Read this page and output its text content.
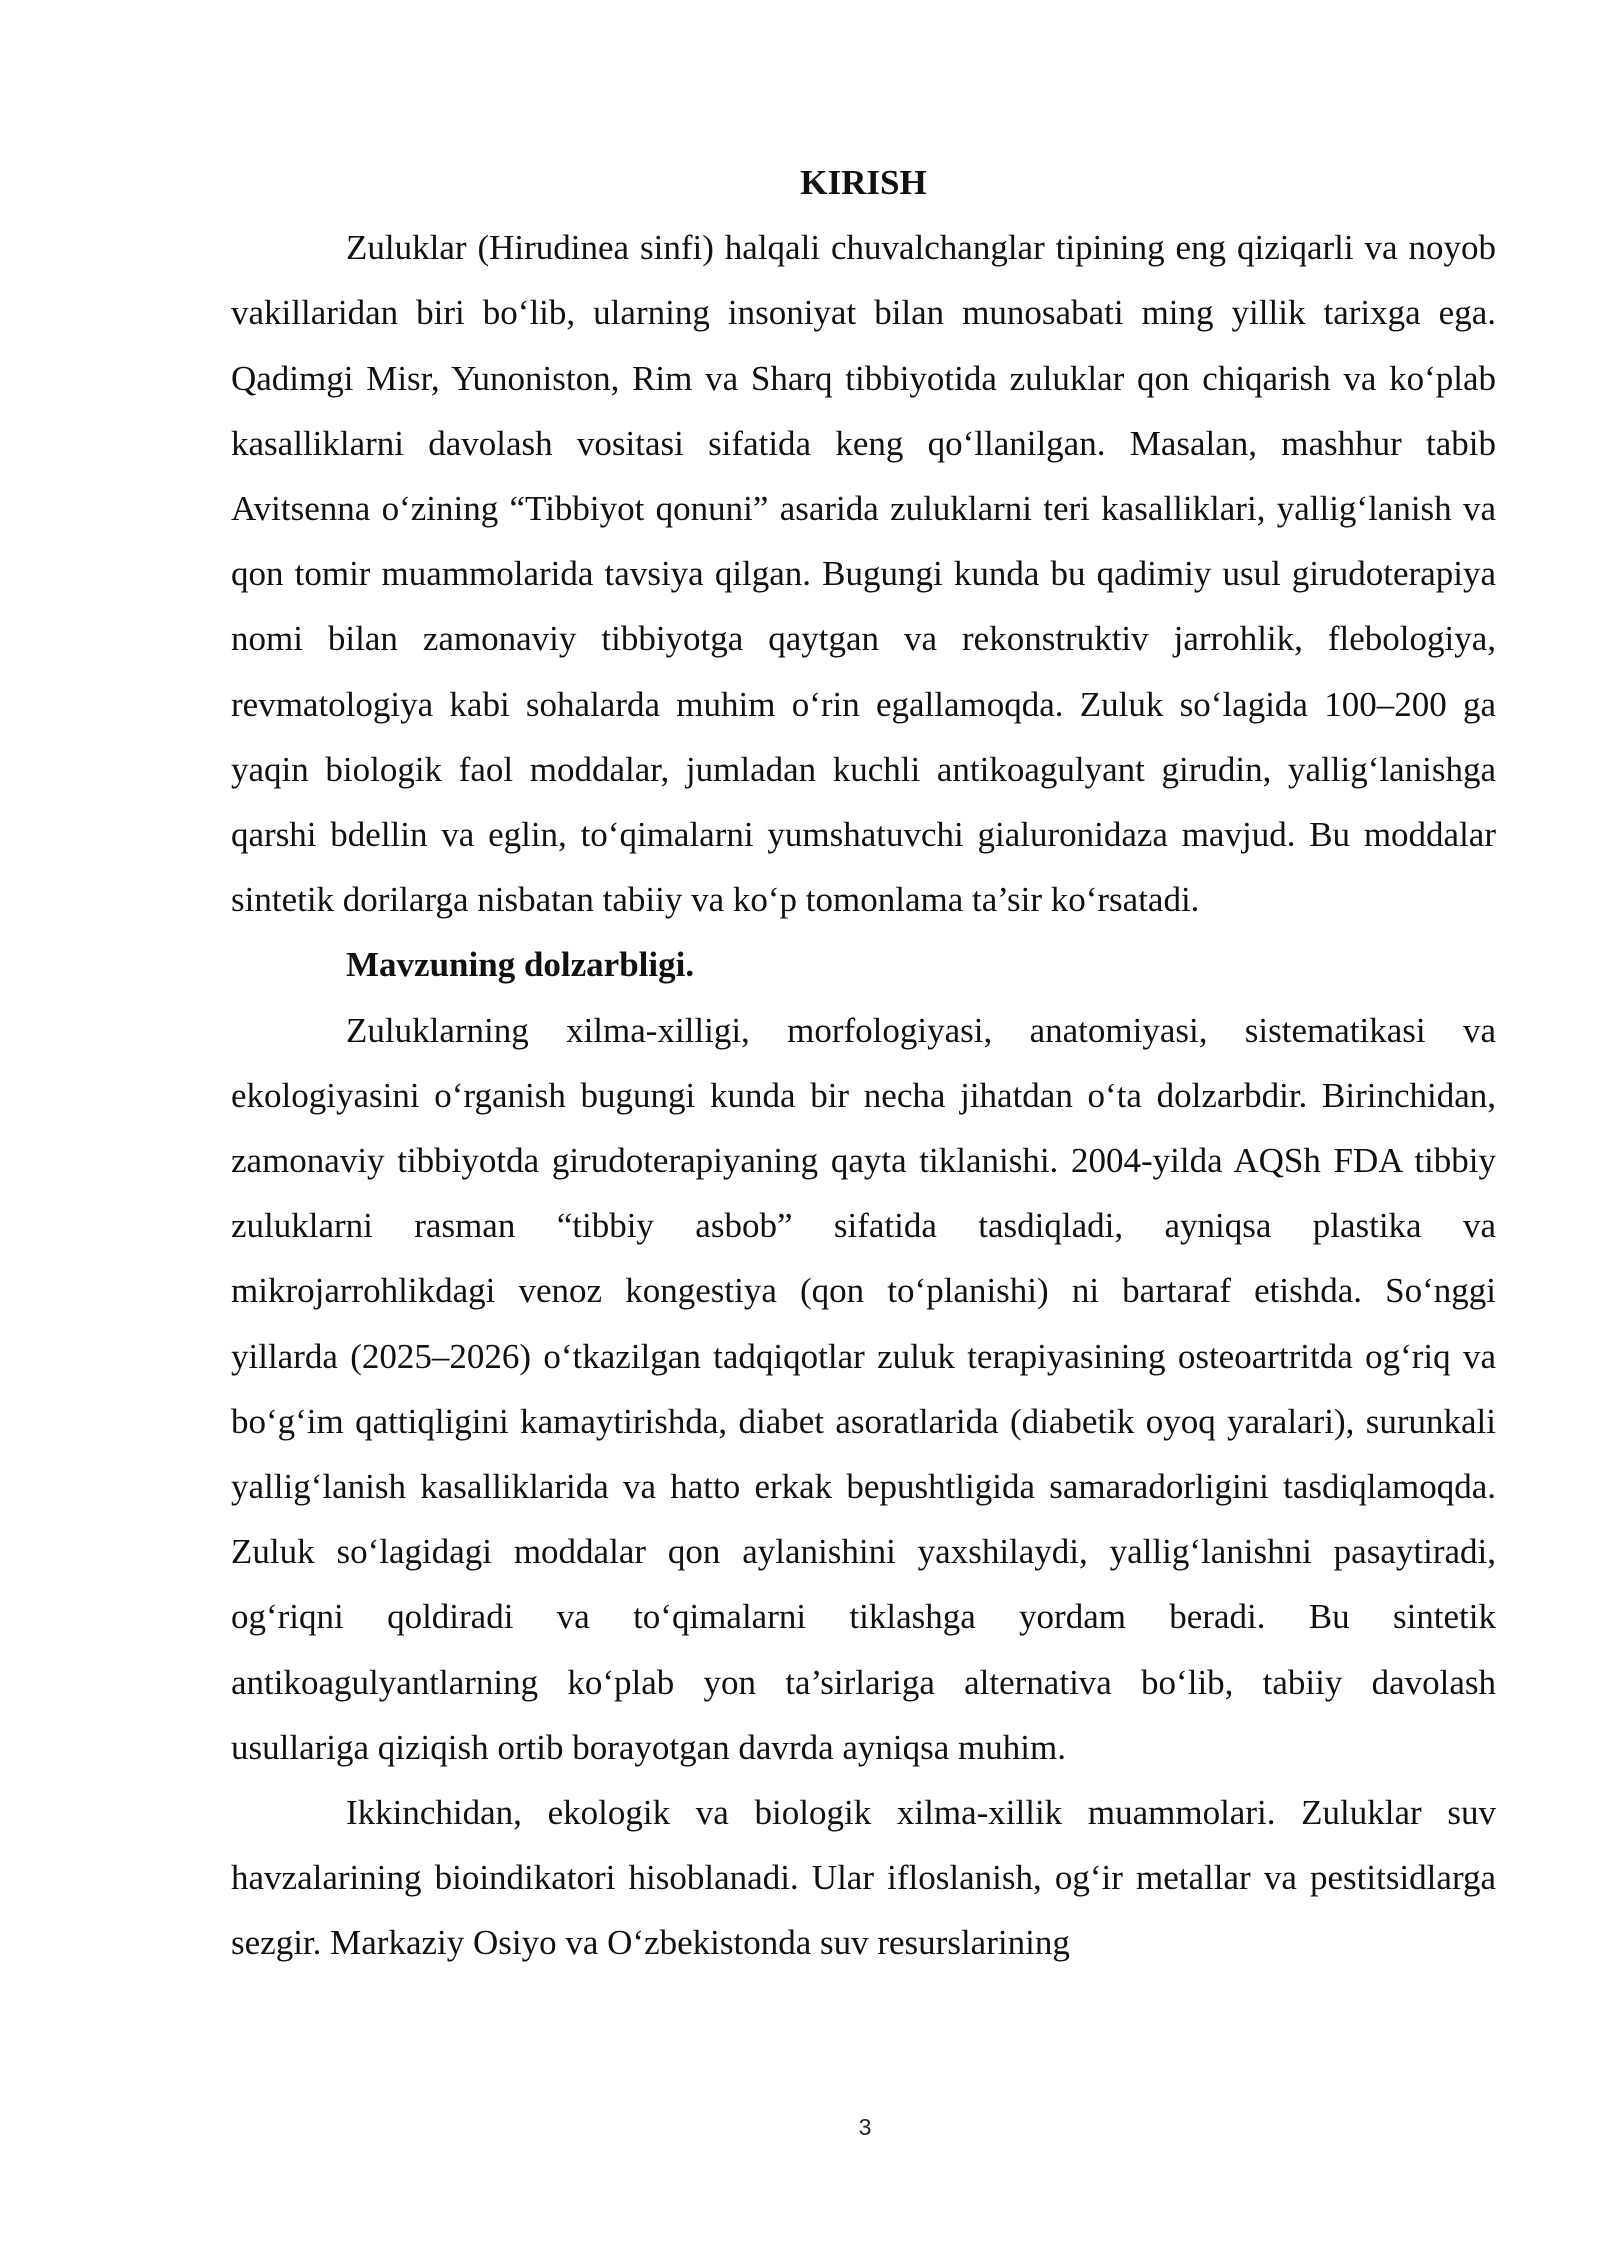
KIRISH

Zuluklar (Hirudinea sinfi) halqali chuvalchanglar tipining eng qiziqarli va noyob vakillaridan biri bo‘lib, ularning insoniyat bilan munosabati ming yillik tarixga ega. Qadimgi Misr, Yunoniston, Rim va Sharq tibbiyotida zuluklar qon chiqarish va ko‘plab kasalliklarni davolash vositasi sifatida keng qo‘llanilgan. Masalan, mashhur tabib Avitsenna o‘zining “Tibbiyot qonuni” asarida zuluklarni teri kasalliklari, yallig‘lanish va qon tomir muammolarida tavsiya qilgan. Bugungi kunda bu qadimiy usul girudoterapiya nomi bilan zamonaviy tibbiyotga qaytgan va rekonstruktiv jarrohlik, flebologiya, revmatologiya kabi sohalarda muhim o‘rin egallamoqda. Zuluk so‘lagida 100–200 ga yaqin biologik faol moddalar, jumladan kuchli antikoagulyant girudin, yallig‘lanishga qarshi bdellin va eglin, to‘qimalarni yumshatuvchi gialuronidaza mavjud. Bu moddalar sintetik dorilarga nisbatan tabiiy va ko‘p tomonlama ta’sir ko‘rsatadi.

Mavzuning dolzarbligi.

Zuluklarning xilma-xilligi, morfologiyasi, anatomiyasi, sistematikasi va ekologiyasini o‘rganish bugungi kunda bir necha jihatdan o‘ta dolzarbdir. Birinchidan, zamonaviy tibbiyotda girudoterapiyaning qayta tiklanishi. 2004-yilda AQSh FDA tibbiy zuluklarni rasman “tibbiy asbob” sifatida tasdiqladi, ayniqsa plastika va mikrojarrohlikdagi venoz kongestiya (qon to‘planishi) ni bartaraf etishda. So‘nggi yillarda (2025–2026) o‘tkazilgan tadqiqotlar zuluk terapiyasining osteoartritda og‘riq va bo‘g‘im qattiqligini kamaytirishda, diabet asoratlarida (diabetik oyoq yaralari), surunkali yallig‘lanish kasalliklarida va hatto erkak bepushtligida samaradorligini tasdiqlamoqda. Zuluk so‘lagidagi moddalar qon aylanishini yaxshilaydi, yallig‘lanishni pasaytiradi, og‘riqni qoldiradi va to‘qimalarni tiklashga yordam beradi. Bu sintetik antikoagulyantlarning ko‘plab yon ta’sirlariga alternativa bo‘lib, tabiiy davolash usullariga qiziqish ortib borayotgan davrda ayniqsa muhim.

Ikkinchidan, ekologik va biologik xilma-xillik muammolari. Zuluklar suv havzalarining bioindikatori hisoblanadi. Ular ifloslanish, og‘ir metallar va pestitsidlarga sezgir. Markaziy Osiyo va O‘zbekistonda suv resurslarining

3
